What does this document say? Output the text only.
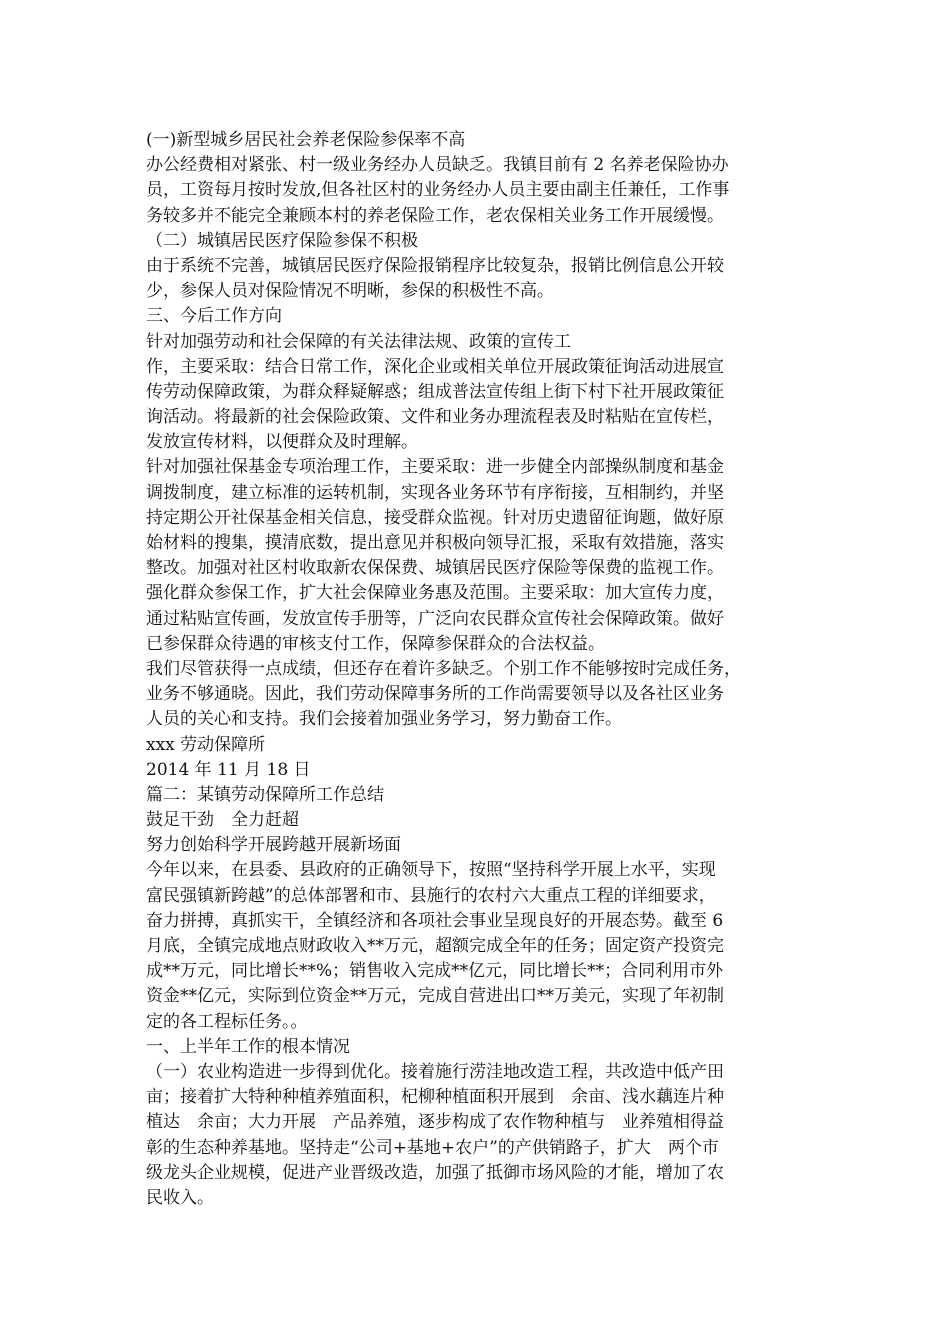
(一)新型城乡居民社会养老保险参保率不高
办公经费相对紧张、村一级业务经办人员缺乏。我镇目前有 2 名养老保险协办
员，工资每月按时发放,但各社区村的业务经办人员主要由副主任兼任，工作事
务较多并不能完全兼顾本村的养老保险工作，老农保相关业务工作开展缓慢。
（二）城镇居民医疗保险参保不积极
由于系统不完善，城镇居民医疗保险报销程序比较复杂，报销比例信息公开较
少，参保人员对保险情况不明晰，参保的积极性不高。
三、今后工作方向
针对加强劳动和社会保障的有关法律法规、政策的宣传工
作，主要采取：结合日常工作，深化企业或相关单位开展政策征询活动进展宣
传劳动保障政策，为群众释疑解惑；组成普法宣传组上街下村下社开展政策征
询活动。将最新的社会保险政策、文件和业务办理流程表及时粘贴在宣传栏，
发放宣传材料，以便群众及时理解。
针对加强社保基金专项治理工作，主要采取：进一步健全内部操纵制度和基金
调拨制度，建立标准的运转机制，实现各业务环节有序衔接，互相制约，并坚
持定期公开社保基金相关信息，接受群众监视。针对历史遗留征询题，做好原
始材料的搜集，摸清底数，提出意见并积极向领导汇报，采取有效措施，落实
整改。加强对社区村收取新农保保费、城镇居民医疗保险等保费的监视工作。
强化群众参保工作，扩大社会保障业务惠及范围。主要采取：加大宣传力度，
通过粘贴宣传画，发放宣传手册等，广泛向农民群众宣传社会保障政策。做好
已参保群众待遇的审核支付工作，保障参保群众的合法权益。
我们尽管获得一点成绩，但还存在着许多缺乏。个别工作不能够按时完成任务，
业务不够通晓。因此，我们劳动保障事务所的工作尚需要领导以及各社区业务
人员的关心和支持。我们会接着加强业务学习，努力勤奋工作。
xxx 劳动保障所
2014 年 11 月 18 日
篇二：某镇劳动保障所工作总结
鼓足干劲　全力赶超
努力创始科学开展跨越开展新场面
今年以来，在县委、县政府的正确领导下，按照“坚持科学开展上水平，实现
富民强镇新跨越”的总体部署和市、县施行的农村六大重点工程的详细要求，
奋力拼搏，真抓实干，全镇经济和各项社会事业呈现良好的开展态势。截至 6
月底，全镇完成地点财政收入**万元，超额完成全年的任务；固定资产投资完
成**万元，同比增长**%；销售收入完成**亿元，同比增长**；合同利用市外
资金**亿元，实际到位资金**万元，完成自营进出口**万美元，实现了年初制
定的各工程标任务。。
一、上半年工作的根本情况
（一）农业构造进一步得到优化。接着施行涝洼地改造工程，共改造中低产田
亩；接着扩大特种种植养殖面积，杞柳种植面积开展到　余亩、浅水藕连片种
植达　余亩；大力开展　产品养殖，逐步构成了农作物种植与　业养殖相得益
彰的生态种养基地。坚持走“公司+基地+农户”的产供销路子，扩大　两个市
级龙头企业规模，促进产业晋级改造，加强了抵御市场风险的才能，增加了农
民收入。
